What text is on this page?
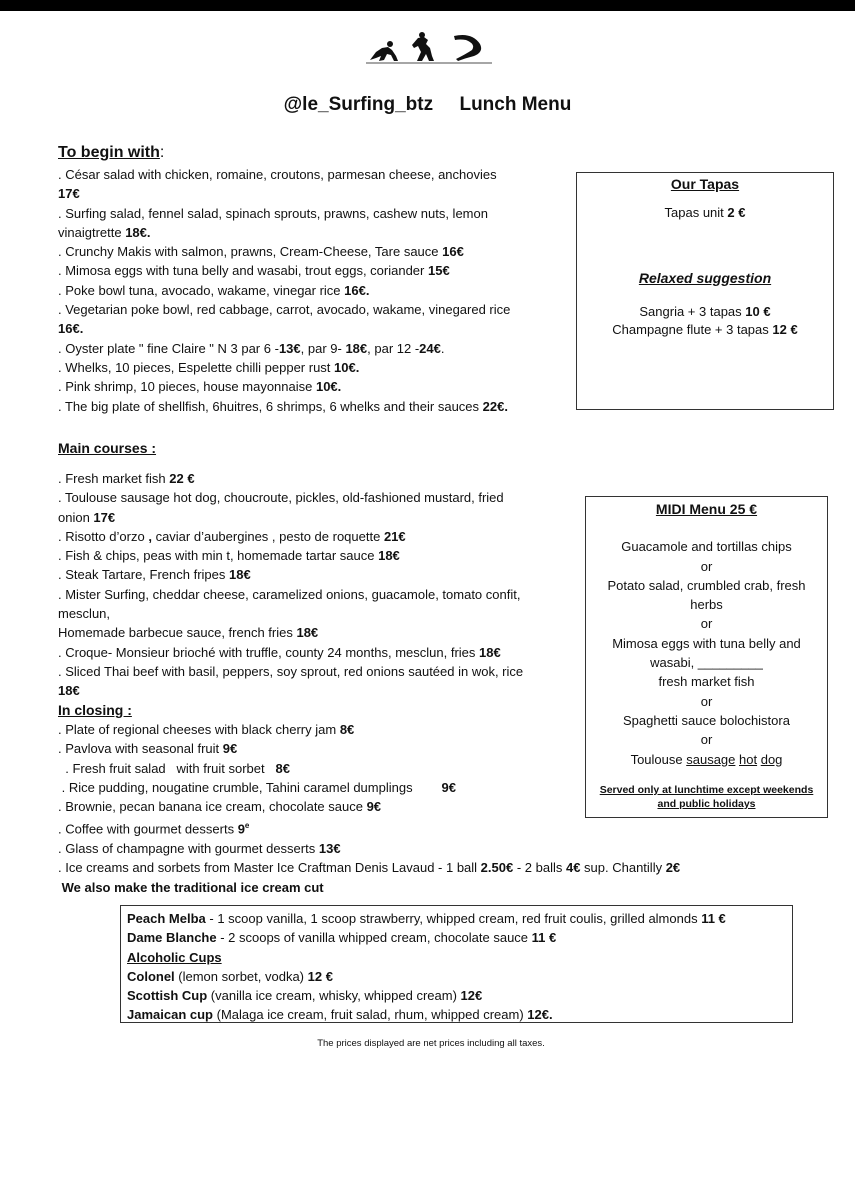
@le_Surfing_btz     Lunch Menu
To begin with:
. César salad with chicken, romaine, croutons, parmesan cheese, anchovies
17€
. Surfing salad, fennel salad, spinach sprouts, prawns, cashew nuts, lemon
vinaigtrette 18€.
. Crunchy Makis with salmon, prawns, Cream-Cheese, Tare sauce 16€
. Mimosa eggs with tuna belly and wasabi, trout eggs, coriander 15€
. Poke bowl tuna, avocado, wakame, vinegar rice 16€.
. Vegetarian poke bowl, red cabbage, carrot, avocado, wakame, vinegared rice
16€.
. Oyster plate " fine Claire " N 3 par 6 -13€, par 9- 18€, par 12 -24€.
. Whelks, 10 pieces, Espelette chilli pepper rust 10€.
. Pink shrimp, 10 pieces, house mayonnaise 10€.
. The big plate of shellfish, 6huitres, 6 shrimps, 6 whelks and their sauces 22€.
Our Tapas
Tapas unit 2 €
Relaxed suggestion
Sangria + 3 tapas 10 €
Champagne flute + 3 tapas 12 €
Main courses :
. Fresh market fish 22 €
. Toulouse sausage hot dog, choucroute, pickles, old-fashioned mustard, fried
onion 17€
. Risotto d’orzo , caviar d’aubergines , pesto de roquette 21€
. Fish & chips, peas with min t, homemade tartar sauce 18€
. Steak Tartare, French fripes 18€
. Mister Surfing, cheddar cheese, caramelized onions, guacamole, tomato confit,
mesclun,
Homemade barbecue sauce, french fries 18€
. Croque- Monsieur brioché with truffle, county 24 months, mesclun, fries 18€
. Sliced Thai beef with basil, peppers, soy sprout, red onions sautéed in wok, rice
18€
MIDI Menu 25 €
Guacamole and tortillas chips
or
Potato salad, crumbled crab, fresh
herbs
or
Mimosa eggs with tuna belly and
wasabi, _________
fresh market fish
or
Spaghetti sauce bolochistora
or
Toulouse sausage hot dog
Served only at lunchtime except weekends
and public holidays
In closing :
. Plate of regional cheeses with black cherry jam 8€
. Pavlova with seasonal fruit 9€
. Fresh fruit salad   with fruit sorbet   8€
. Rice pudding, nougatine crumble, Tahini caramel dumplings        9€
. Brownie, pecan banana ice cream, chocolate sauce 9€
. Coffee with gourmet desserts 9e
. Glass of champagne with gourmet desserts 13€
. Ice creams and sorbets from Master Ice Craftman Denis Lavaud - 1 ball 2.50€ - 2 balls 4€ sup. Chantilly 2€
We also make the traditional ice cream cut
Peach Melba - 1 scoop vanilla, 1 scoop strawberry, whipped cream, red fruit coulis, grilled almonds 11 €
Dame Blanche - 2 scoops of vanilla whipped cream, chocolate sauce 11 €
Alcoholic Cups
Colonel (lemon sorbet, vodka) 12 €
Scottish Cup (vanilla ice cream, whisky, whipped cream) 12€
Jamaican cup (Malaga ice cream, fruit salad, rhum, whipped cream) 12€.
The prices displayed are net prices including all taxes.
